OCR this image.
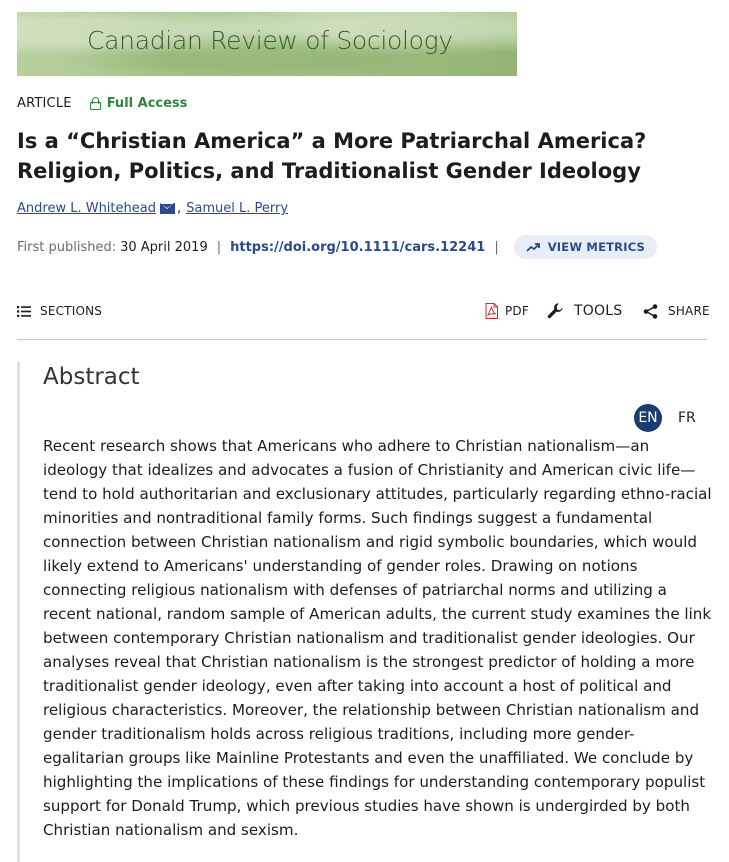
Canadian Review of Sociology
ARTICLE	Full Access
Is a “Christian America” a More Patriarchal America? Religion, Politics, and Traditionalist Gender Ideology
Andrew L. Whitehead , Samuel L. Perry
First published: 30 April 2019 | https://doi.org/10.1111/cars.12241 |	VIEW METRICS
SECTIONS	PDF	TOOLS	SHARE
Abstract
EN	FR

Recent research shows that Americans who adhere to Christian nationalism—an ideology that idealizes and advocates a fusion of Christianity and American civic life—tend to hold authoritarian and exclusionary attitudes, particularly regarding ethno-racial minorities and nontraditional family forms. Such findings suggest a fundamental connection between Christian nationalism and rigid symbolic boundaries, which would likely extend to Americans' understanding of gender roles. Drawing on notions connecting religious nationalism with defenses of patriarchal norms and utilizing a recent national, random sample of American adults, the current study examines the link between contemporary Christian nationalism and traditionalist gender ideologies. Our analyses reveal that Christian nationalism is the strongest predictor of holding a more traditionalist gender ideology, even after taking into account a host of political and religious characteristics. Moreover, the relationship between Christian nationalism and gender traditionalism holds across religious traditions, including more gender-egalitarian groups like Mainline Protestants and even the unaffiliated. We conclude by highlighting the implications of these findings for understanding contemporary populist support for Donald Trump, which previous studies have shown is undergirded by both Christian nationalism and sexism.
